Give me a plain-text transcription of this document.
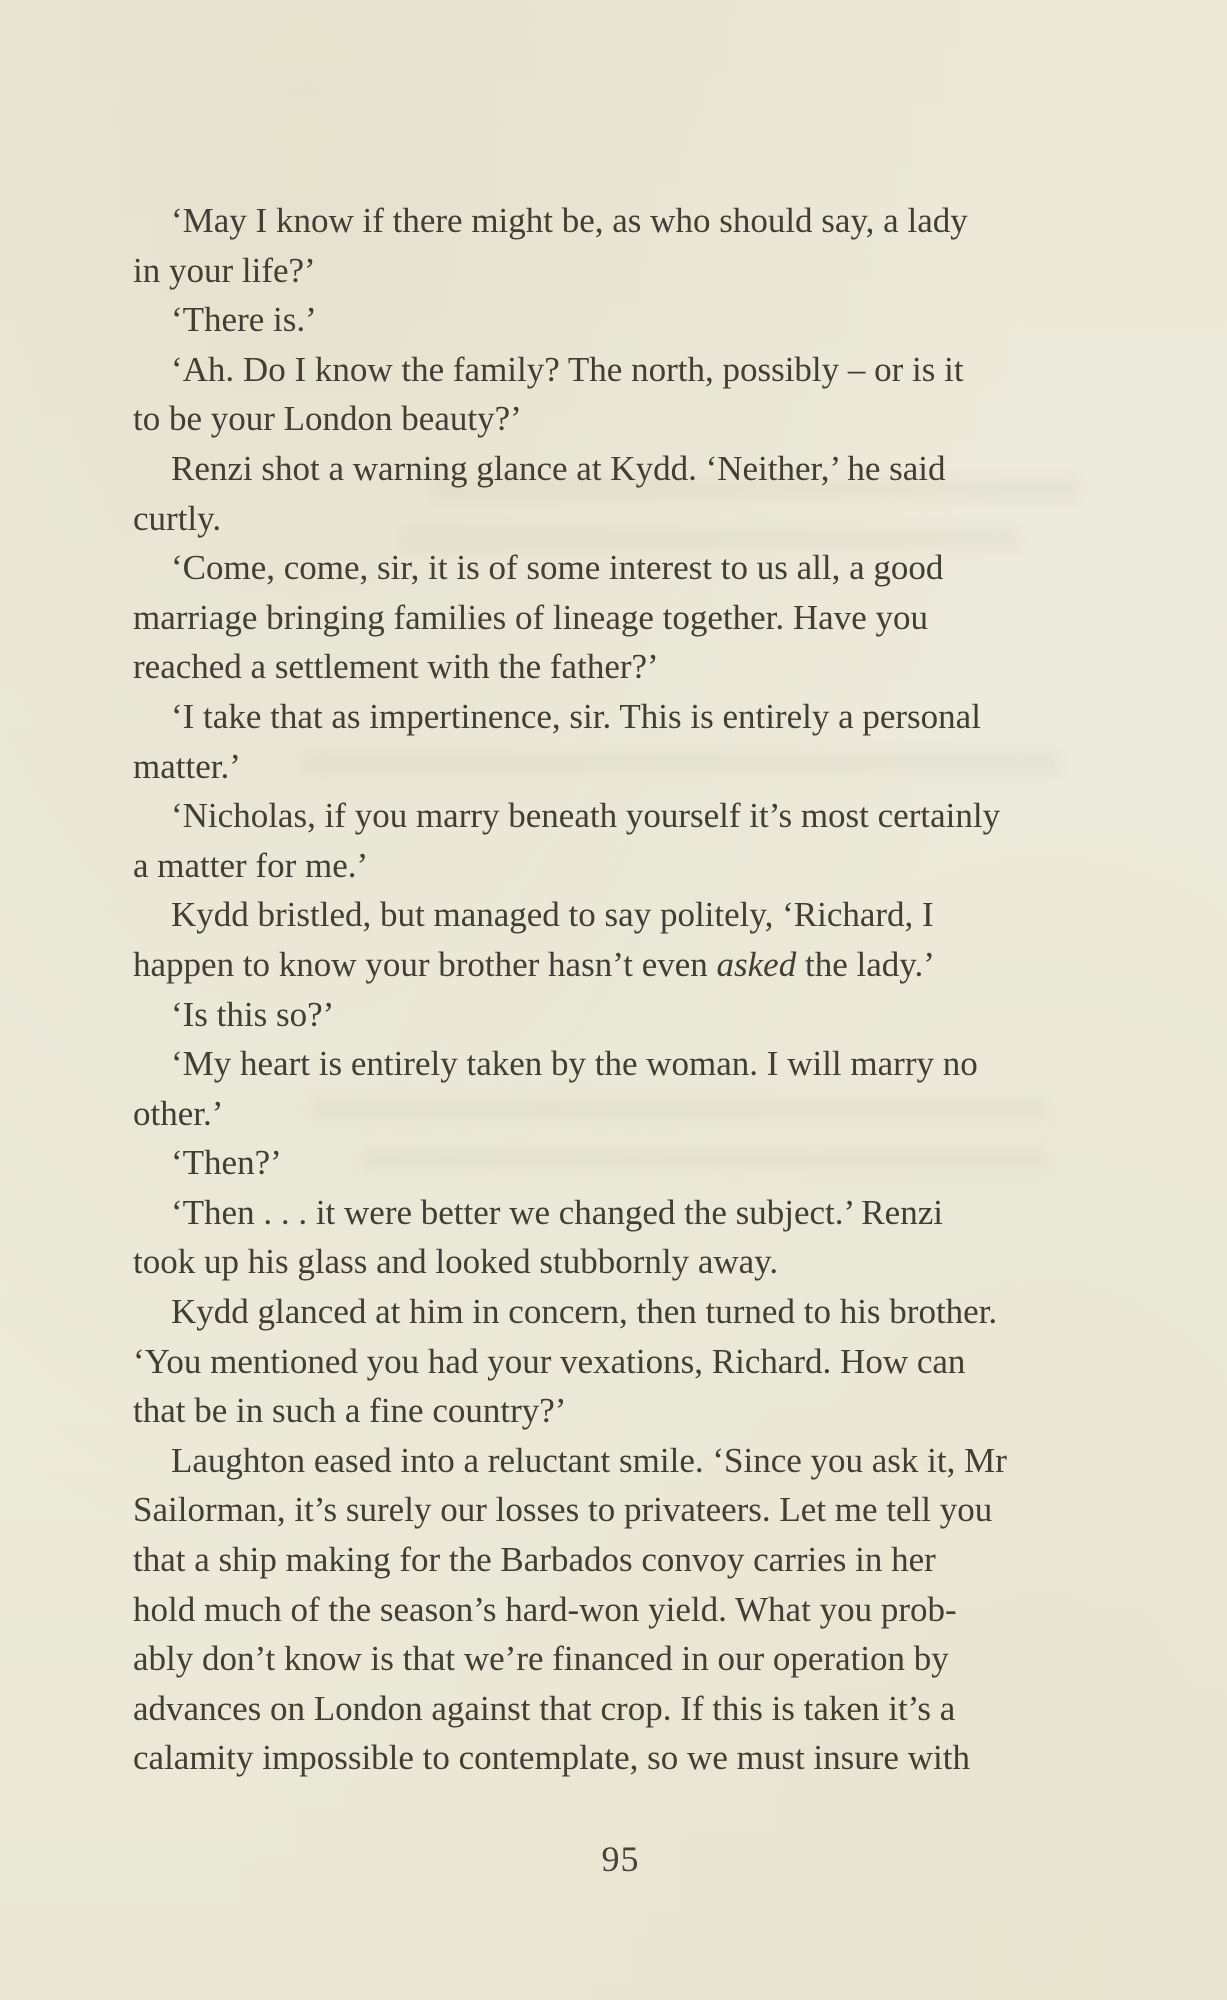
‘May I know if there might be, as who should say, a lady
in your life?’
‘There is.’
‘Ah. Do I know the family? The north, possibly – or is it
to be your London beauty?’
Renzi shot a warning glance at Kydd. ‘Neither,’ he said
curtly.
‘Come, come, sir, it is of some interest to us all, a good
marriage bringing families of lineage together. Have you
reached a settlement with the father?’
‘I take that as impertinence, sir. This is entirely a personal
matter.’
‘Nicholas, if you marry beneath yourself it’s most certainly
a matter for me.’
Kydd bristled, but managed to say politely, ‘Richard, I
happen to know your brother hasn’t even asked the lady.’
‘Is this so?’
‘My heart is entirely taken by the woman. I will marry no
other.’
‘Then?’
‘Then . . . it were better we changed the subject.’ Renzi
took up his glass and looked stubbornly away.
Kydd glanced at him in concern, then turned to his brother.
‘You mentioned you had your vexations, Richard. How can
that be in such a fine country?’
Laughton eased into a reluctant smile. ‘Since you ask it, Mr
Sailorman, it’s surely our losses to privateers. Let me tell you
that a ship making for the Barbados convoy carries in her
hold much of the season’s hard-won yield. What you prob-
ably don’t know is that we’re financed in our operation by
advances on London against that crop. If this is taken it’s a
calamity impossible to contemplate, so we must insure with
95
